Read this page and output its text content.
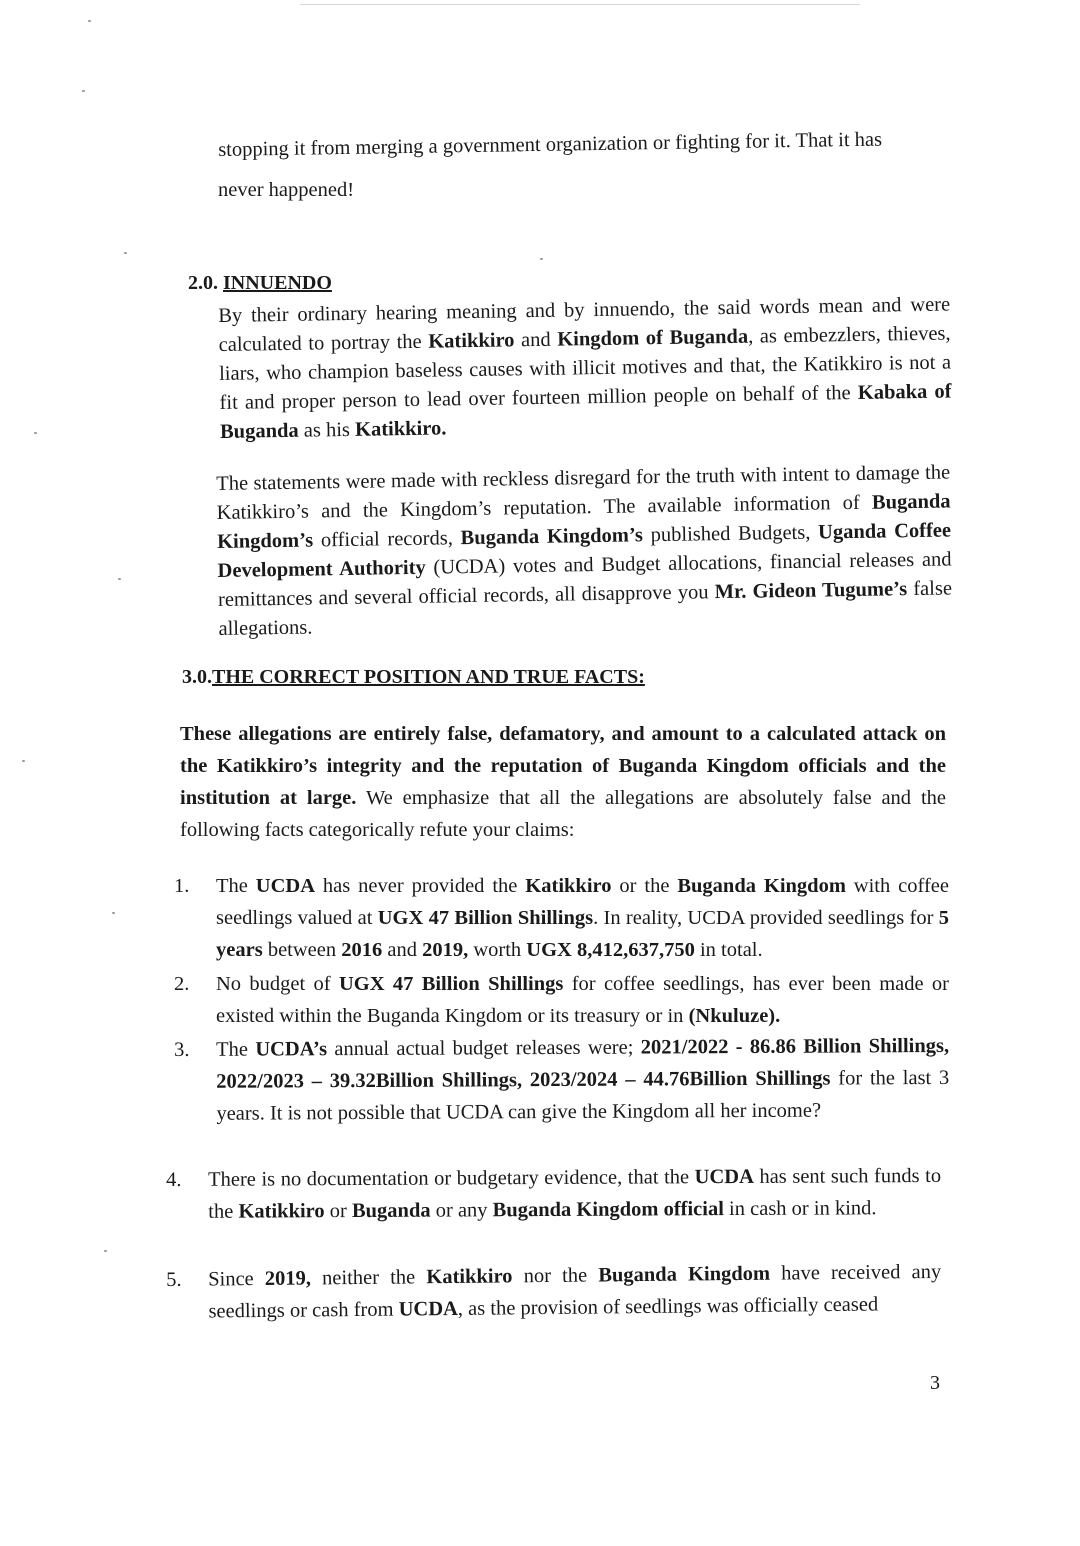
stopping it from merging a government organization or fighting for it. That it has
never happened!
2.0. INNUENDO
By their ordinary hearing meaning and by innuendo, the said words mean and were calculated to portray the Katikkiro and Kingdom of Buganda, as embezzlers, thieves, liars, who champion baseless causes with illicit motives and that, the Katikkiro is not a fit and proper person to lead over fourteen million people on behalf of the Kabaka of Buganda as his Katikkiro.
The statements were made with reckless disregard for the truth with intent to damage the Katikkiro’s and the Kingdom’s reputation. The available information of Buganda Kingdom’s official records, Buganda Kingdom’s published Budgets, Uganda Coffee Development Authority (UCDA) votes and Budget allocations, financial releases and remittances and several official records, all disapprove you Mr. Gideon Tugume’s false allegations.
3.0.THE CORRECT POSITION AND TRUE FACTS:
These allegations are entirely false, defamatory, and amount to a calculated attack on the Katikkiro’s integrity and the reputation of Buganda Kingdom officials and the institution at large. We emphasize that all the allegations are absolutely false and the following facts categorically refute your claims:
1. The UCDA has never provided the Katikkiro or the Buganda Kingdom with coffee seedlings valued at UGX 47 Billion Shillings. In reality, UCDA provided seedlings for 5 years between 2016 and 2019, worth UGX 8,412,637,750 in total.
2. No budget of UGX 47 Billion Shillings for coffee seedlings, has ever been made or existed within the Buganda Kingdom or its treasury or in (Nkuluze).
3. The UCDA’s annual actual budget releases were; 2021/2022 - 86.86 Billion Shillings, 2022/2023 – 39.32Billion Shillings, 2023/2024 – 44.76Billion Shillings for the last 3 years. It is not possible that UCDA can give the Kingdom all her income?
4. There is no documentation or budgetary evidence, that the UCDA has sent such funds to the Katikkiro or Buganda or any Buganda Kingdom official in cash or in kind.
5. Since 2019, neither the Katikkiro nor the Buganda Kingdom have received any seedlings or cash from UCDA, as the provision of seedlings was officially ceased
3
